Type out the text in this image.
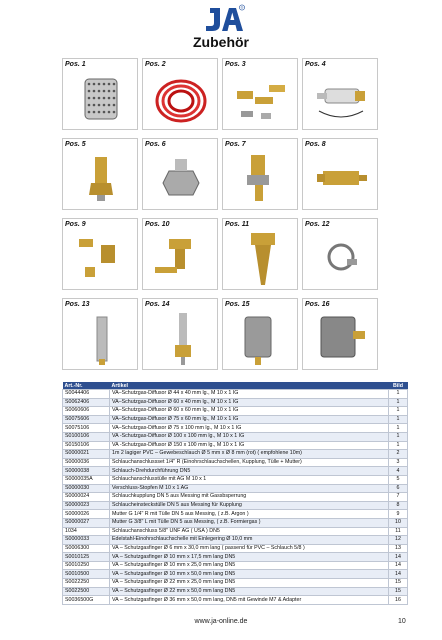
®
Zubehör
Pos. 1	Pos. 2	Pos. 3	Pos. 4
Pos. 5	Pos. 6	Pos. 7	Pos. 8
Pos. 9	Pos. 10	Pos. 11	Pos. 12
Pos. 13	Pos. 14	Pos. 15	Pos. 16
Art.-Nr.	Artikel	Bild
S0044406	VA–Schutzgas-Diffusor Ø 44 x 40 mm lg., M 10 x 1 IG	1
S0062406	VA–Schutzgas-Diffusor Ø 60 x 40 mm lg., M 10 x 1 IG	1
S0060606	VA–Schutzgas-Diffusor Ø 60 x 60 mm lg., M 10 x 1 IG	1
S0075606	VA–Schutzgas-Diffusor Ø 75 x 60 mm lg., M 10 x 1 IG	1
S0075106	VA–Schutzgas-Diffusor Ø 75 x 100 mm lg., M 10 x 1 IG	1
S0100106	VA -Schutzgas-Diffusor Ø 100 x 100 mm lg., M 10 x 1 IG	1
S0150106	VA -Schutzgas-Diffusor Ø 150 x 100 mm lg., M 10 x 1 IG	1
S0000021	1m 2 lagiger PVC – Gewebeschlauch Ø 5 mm x Ø 8 mm (rot) ( empfohlene 10m)	2
S0000036	Schlauchanschlussset 1/4" R (Einohrschlauchschellen, Kupplung, Tülle + Mutter)	3
S0000038	Schlauch-Drehdurchführung DN5	4
S0000035A	Schlauchanschlusstülle mit AG M 10 x 1	5
S0000030	Verschluss-Stopfen M 10 x 1 AG	6
S0000024	Schlauchkupplung DN 5 aus Messing mit Gassbsperrung	7
S0000023	Schlaucheinsteckstülle DN 5 aus Messing für Kupplung	8
S0000026	Mutter G 1/4" R mit Tülle DN 5 aus Messing, ( z.B. Argon )	9
S0000027	Mutter G 3/8" L mit Tülle DN 5 aus Messing, ( z.B. Formiergas )	10
1034	Schlauchanschluss 5/8" UNF AG ( USA ) DN5	11
S0000033	Edelstahl-Einohrschlauchschelle mit Einlegering Ø 10,0 mm	12
S0006300	VA – Schutzgasfinger Ø 6 mm x 30,0 mm lang ( passend für PVC – Schlauch 5/8 )	13
S0010125	VA – Schutzgasfinger Ø 10 mm x 17,5 mm lang DN5	14
S0010250	VA – Schutzgasfinger Ø 10 mm x 25,0 mm lang DN5	14
S0010500	VA – Schutzgasfinger Ø 10 mm x 50,0 mm lang DN5	14
S0022250	VA – Schutzgasfinger Ø 22 mm x 25,0 mm lang DN5	15
S0022500	VA – Schutzgasfinger Ø 22 mm x 50,0 mm lang DN5	15
S0036500G	VA – Schutzgasfinger Ø 36 mm x 50,0 mm lang, DN5 mit Gewinde M7 & Adapter	16
www.ja-online.de	10
